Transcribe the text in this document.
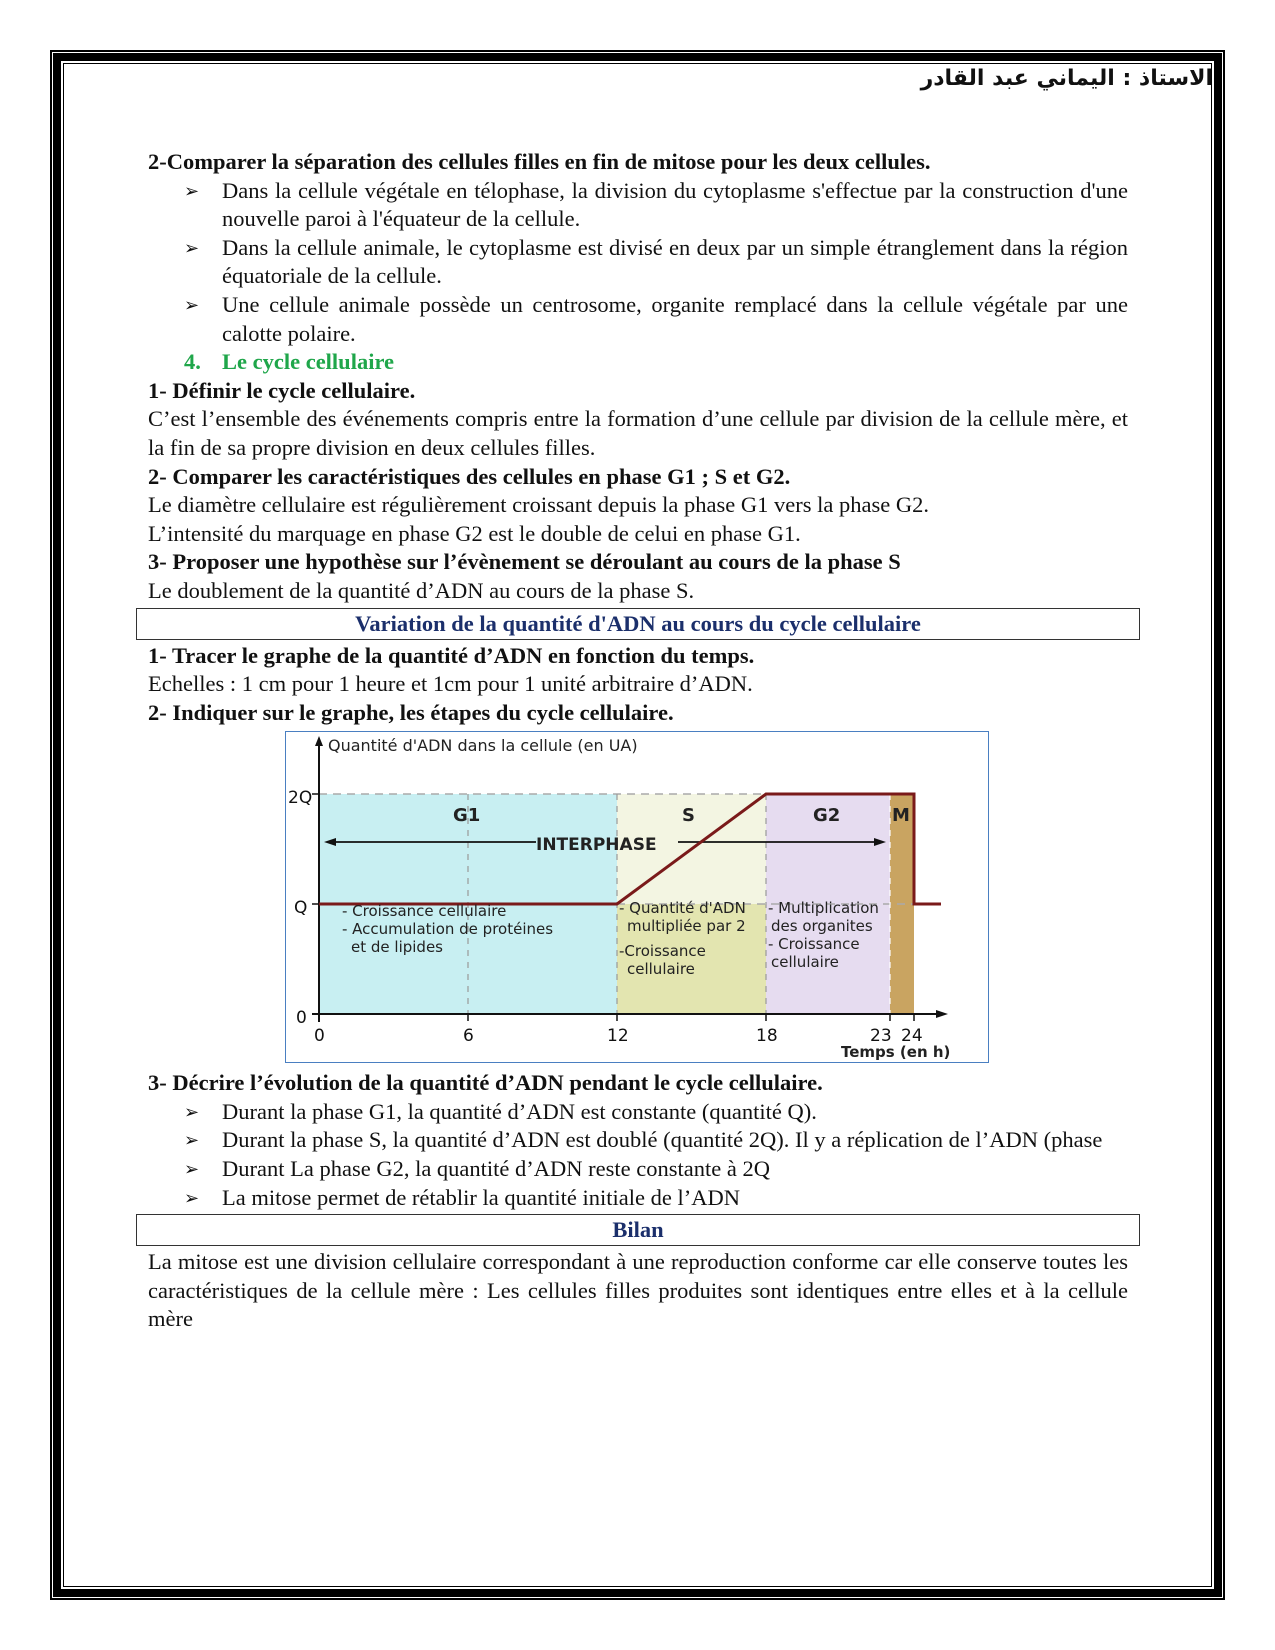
الاستاذ : اليماني عبد القادر

2-Comparer la séparation des cellules filles en fin de mitose pour les deux cellules.

➢ Dans la cellule végétale en télophase, la division du cytoplasme s'effectue par la construction d'une nouvelle paroi à l'équateur de la cellule.
➢ Dans la cellule animale, le cytoplasme est divisé en deux par un simple étranglement dans la région équatoriale de la cellule.
➢ Une cellule animale possède un centrosome, organite remplacé dans la cellule végétale par une calotte polaire.

4. Le cycle cellulaire

1- Définir le cycle cellulaire.

C’est l’ensemble des événements compris entre la formation d’une cellule par division de la cellule mère, et la fin de sa propre division en deux cellules filles.

2- Comparer les caractéristiques des cellules en phase G1 ; S et G2.

Le diamètre cellulaire est régulièrement croissant depuis la phase G1 vers la phase G2.

L’intensité du marquage en phase G2 est le double de celui en phase G1.

3- Proposer une hypothèse sur l’évènement se déroulant au cours de la phase S

Le doublement de la quantité d’ADN au cours de la phase S.

Variation de la quantité d'ADN au cours du cycle cellulaire

1- Tracer le graphe de la quantité d’ADN en fonction du temps.

Echelles : 1 cm pour 1 heure et 1cm pour 1 unité arbitraire d’ADN.

2- Indiquer sur le graphe, les étapes du cycle cellulaire.

Quantité d'ADN dans la cellule (en UA)
2Q
Q
0
0	6	12	18	23 24
Temps (en h)
G1	S	G2	M
INTERPHASE
- Croissance cellulaire
- Accumulation de protéines
et de lipides
- Quantité d'ADN
multipliée par 2
-Croissance
cellulaire
- Multiplication
des organites
- Croissance
cellulaire

3- Décrire l’évolution de la quantité d’ADN pendant le cycle cellulaire.

➢ Durant la phase G1, la quantité d’ADN est constante (quantité Q).
➢ Durant la phase S, la quantité d’ADN est doublé (quantité 2Q). Il y a réplication de l’ADN (phase
➢ Durant La phase G2, la quantité d’ADN reste constante à 2Q
➢ La mitose permet de rétablir la quantité initiale de l’ADN
Bilan

La mitose est une division cellulaire correspondant à une reproduction conforme car elle conserve toutes les caractéristiques de la cellule mère : Les cellules filles produites sont identiques entre elles et à la cellule mère
